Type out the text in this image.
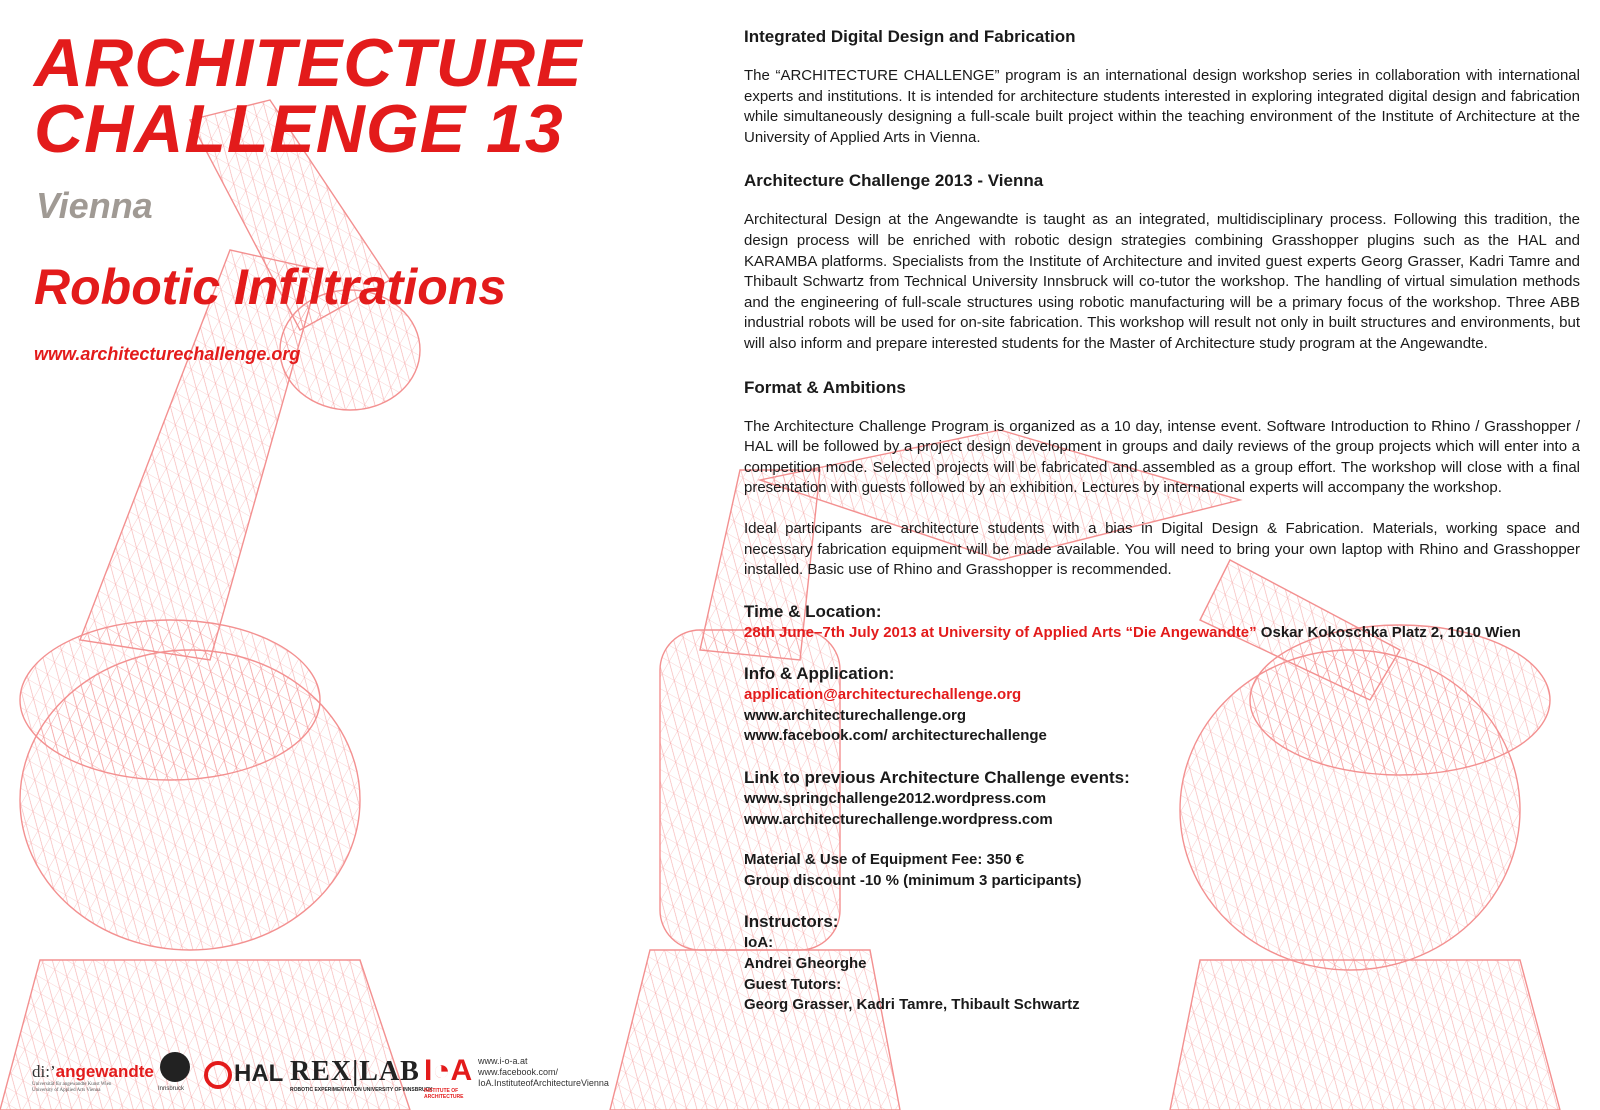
ARCHITECTURE
CHALLENGE 13
Vienna
Robotic Infiltrations
www.architecturechallenge.org
Integrated Digital Design and Fabrication

The “ARCHITECTURE CHALLENGE” program is an international design workshop series in collaboration with international experts and institutions. It is intended for architecture students interested in exploring integrated digital design and fabrication while simultaneously designing a full-scale built project within the teaching environment of the Institute of Architecture at the University of Applied Arts in Vienna.

Architecture Challenge 2013 - Vienna

Architectural Design at the Angewandte is taught as an integrated, multidisciplinary process. Following this tradition, the design process will be enriched with robotic design strategies combining Grasshopper plugins such as the HAL and KARAMBA platforms. Specialists from the Institute of Architecture and invited guest experts Georg Grasser, Kadri Tamre and Thibault Schwartz from Technical University Innsbruck will co-tutor the workshop. The handling of virtual simulation methods and the engineering of full-scale structures using robotic manufacturing will be a primary focus of the workshop. Three ABB industrial robots will be used for on-site fabrication. This workshop will result not only in built structures and environments, but will also inform and prepare interested students for the Master of Architecture study program at the Angewandte.

Format & Ambitions

The Architecture Challenge Program is organized as a 10 day, intense event. Software Introduction to Rhino / Grasshopper / HAL will be followed by a project design development in groups and daily reviews of the group projects which will enter into a competition mode. Selected projects will be fabricated and assembled as a group effort. The workshop will close with a final presentation with guests followed by an exhibition. Lectures by international experts will accompany the workshop.

Ideal participants are architecture students with a bias in Digital Design & Fabrication. Materials, working space and necessary fabrication equipment will be made available. You will need to bring your own laptop with Rhino and Grasshopper installed. Basic use of Rhino and Grasshopper is recommended.

Time & Location:
28th June–7th July 2013 at University of Applied Arts “Die Angewandte” Oskar Kokoschka Platz 2, 1010 Wien
Info & Application:
application@architecturechallenge.org
www.architecturechallenge.org
www.facebook.com/ architecturechallenge
Link to previous Architecture Challenge events:
www.springchallenge2012.wordpress.com
www.architecturechallenge.wordpress.com
Material & Use of Equipment Fee: 350 €
Group discount -10 % (minimum 3 participants)
Instructors:
IoA:
Andrei Gheorghe
Guest Tutors:
Georg Grasser, Kadri Tamre, Thibault Schwartz
di:’angewandte
Universität für angewandte Kunst Wien
University of Applied Arts Vienna	Innsbruck
HAL REX|LAB
ROBOTIC EXPERIMENTATION UNIVERSITY OF INNSBRUCK
I◔A
INSTITUTE OF
ARCHITECTURE
www.i-o-a.at
www.facebook.com/
IoA.InstituteofArchitectureVienna
